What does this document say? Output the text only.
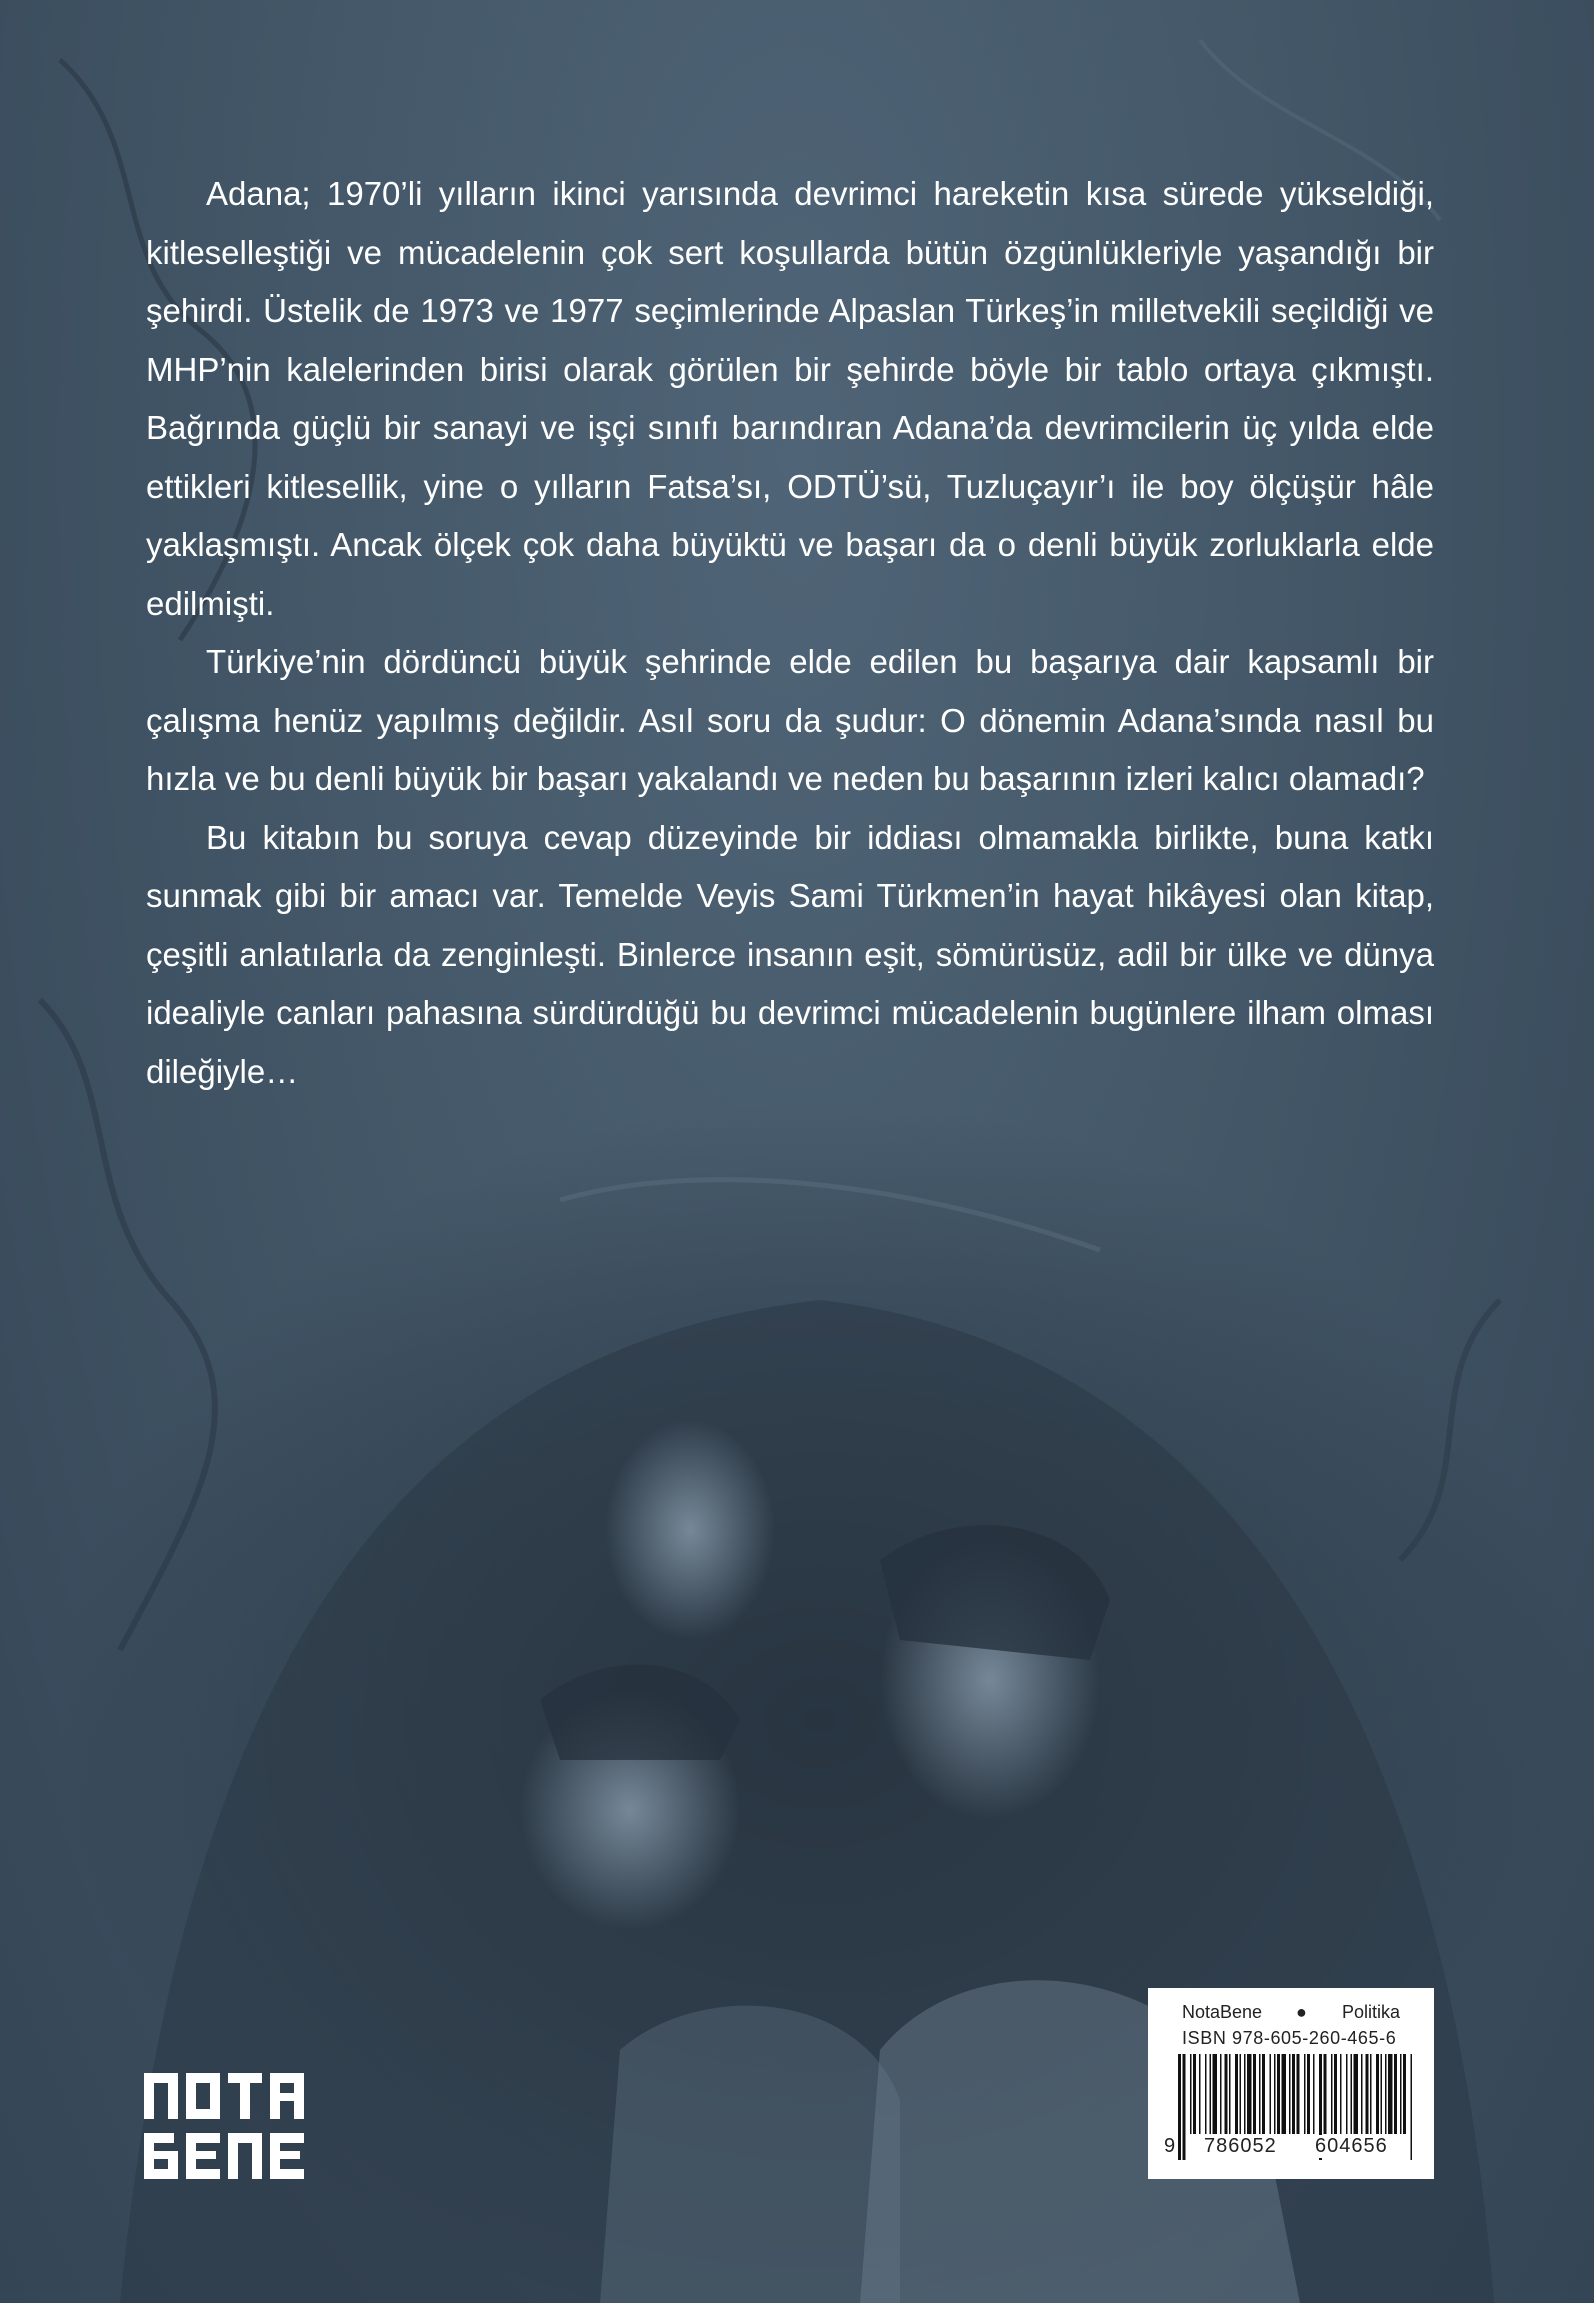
Adana; 1970’li yılların ikinci yarısında devrimci hareketin kısa sürede yükseldiği, kitleselleştiği ve mücadelenin çok sert koşullarda bütün özgünlükleriyle yaşandığı bir şehirdi. Üstelik de 1973 ve 1977 seçimlerinde Alpaslan Türkeş’in milletvekili seçildiği ve MHP’nin kalelerinden birisi olarak görülen bir şehirde böyle bir tablo ortaya çıkmıştı. Bağrında güçlü bir sanayi ve işçi sınıfı barındıran Adana’da devrimcilerin üç yılda elde ettikleri kitlesellik, yine o yılların Fatsa’sı, ODTÜ’sü, Tuzluçayır’ı ile boy ölçüşür hâle yaklaşmıştı. Ancak ölçek çok daha büyüktü ve başarı da o denli büyük zorluklarla elde edilmişti.

Türkiye’nin dördüncü büyük şehrinde elde edilen bu başarıya dair kapsamlı bir çalışma henüz yapılmış değildir. Asıl soru da şudur: O dönemin Adana’sında nasıl bu hızla ve bu denli büyük bir başarı yakalandı ve neden bu başarının izleri kalıcı olamadı?

Bu kitabın bu soruya cevap düzeyinde bir iddiası olmamakla birlikte, buna katkı sunmak gibi bir amacı var. Temelde Veyis Sami Türkmen’in hayat hikâyesi olan kitap, çeşitli anlatılarla da zenginleşti. Binlerce insanın eşit, sömürüsüz, adil bir ülke ve dünya idealiyle canları pahasına sürdürdüğü bu devrimci mücadelenin bugünlere ilham olması dileğiyle…

NotaBene ● Politika
ISBN 978-605-260-465-6
9 786052 604656
